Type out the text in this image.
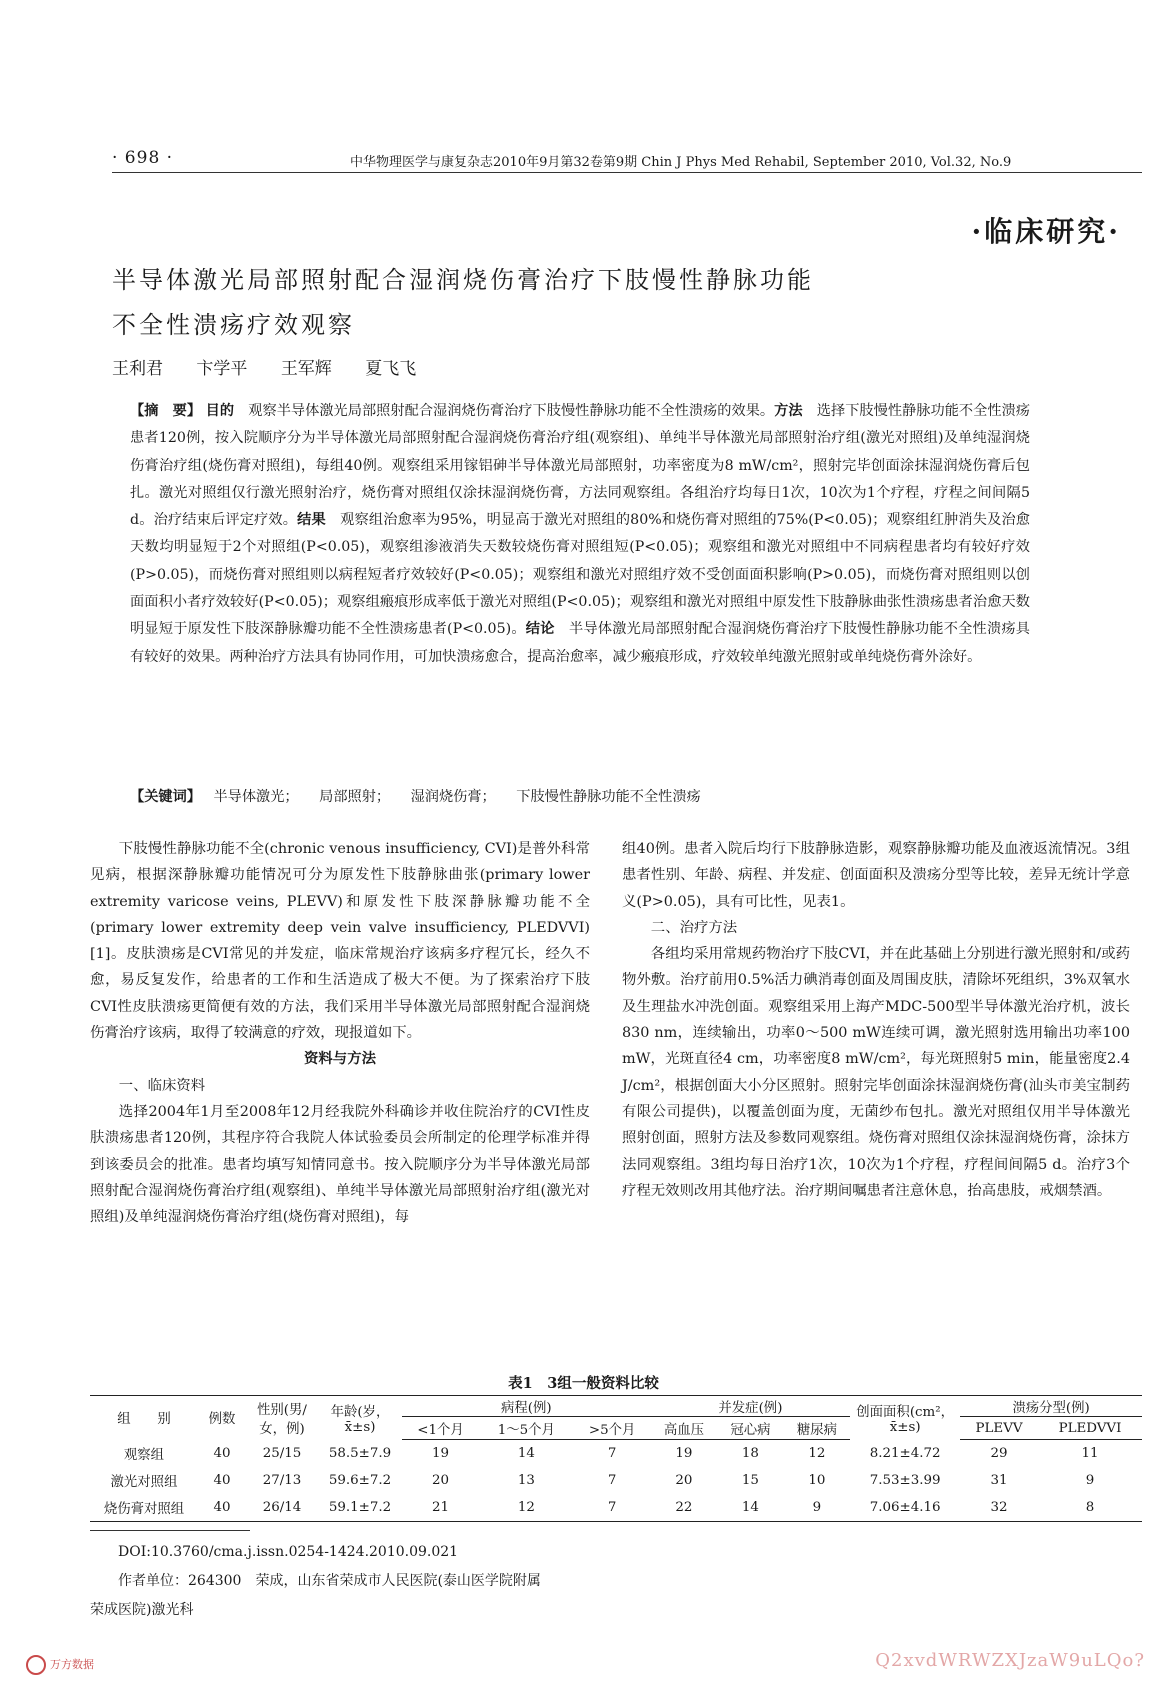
· 698 ·	中华物理医学与康复杂志2010年9月第32卷第9期 Chin J Phys Med Rehabil, September 2010, Vol.32, No.9
·临床研究·
半导体激光局部照射配合湿润烧伤膏治疗下肢慢性静脉功能不全性溃疡疗效观察
王利君 卞学平 王军辉 夏飞飞
【摘　要】 目的　 观察半导体激光局部照射配合湿润烧伤膏治疗下肢慢性静脉功能不全性溃疡的效果。方法　 选择下肢慢性静脉功能不全性溃疡患者120例，按入院顺序分为半导体激光局部照射配合湿润烧伤膏治疗组(观察组)、单纯半导体激光局部照射治疗组(激光对照组)及单纯湿润烧伤膏治疗组(烧伤膏对照组)，每组40例。观察组采用镓铝砷半导体激光局部照射，功率密度为8 mW/cm²，照射完毕创面涂抹湿润烧伤膏后包扎。激光对照组仅行激光照射治疗，烧伤膏对照组仅涂抹湿润烧伤膏，方法同观察组。各组治疗均每日1次，10次为1个疗程，疗程之间间隔5 d。治疗结束后评定疗效。结果　 观察组治愈率为95%，明显高于激光对照组的80%和烧伤膏对照组的75%(P<0.05)；观察组红肿消失及治愈天数均明显短于2个对照组(P<0.05)，观察组渗液消失天数较烧伤膏对照组短(P<0.05)；观察组和激光对照组中不同病程患者均有较好疗效(P>0.05)，而烧伤膏对照组则以病程短者疗效较好(P<0.05)；观察组和激光对照组疗效不受创面面积影响(P>0.05)，而烧伤膏对照组则以创面面积小者疗效较好(P<0.05)；观察组瘢痕形成率低于激光对照组(P<0.05)；观察组和激光对照组中原发性下肢静脉曲张性溃疡患者治愈天数明显短于原发性下肢深静脉瓣功能不全性溃疡患者(P<0.05)。结论　 半导体激光局部照射配合湿润烧伤膏治疗下肢慢性静脉功能不全性溃疡具有较好的效果。两种治疗方法具有协同作用，可加快溃疡愈合，提高治愈率，减少瘢痕形成，疗效较单纯激光照射或单纯烧伤膏外涂好。
【关键词】 半导体激光； 局部照射； 湿润烧伤膏； 下肢慢性静脉功能不全性溃疡

下肢慢性静脉功能不全(chronic venous insufficiency, CVI)是普外科常见病，根据深静脉瓣功能情况可分为原发性下肢静脉曲张(primary lower extremity varicose veins, PLEVV)和原发性下肢深静脉瓣功能不全(primary lower extremity deep vein valve insufficiency, PLEDVVI)[1]。皮肤溃疡是CVI常见的并发症，临床常规治疗该病多疗程冗长，经久不愈，易反复发作，给患者的工作和生活造成了极大不便。为了探索治疗下肢CVI性皮肤溃疡更简便有效的方法，我们采用半导体激光局部照射配合湿润烧伤膏治疗该病，取得了较满意的疗效，现报道如下。

资料与方法

一、临床资料

选择2004年1月至2008年12月经我院外科确诊并收住院治疗的CVI性皮肤溃疡患者120例，其程序符合我院人体试验委员会所制定的伦理学标准并得到该委员会的批准。患者均填写知情同意书。按入院顺序分为半导体激光局部照射配合湿润烧伤膏治疗组(观察组)、单纯半导体激光局部照射治疗组(激光对照组)及单纯湿润烧伤膏治疗组(烧伤膏对照组)，每

组40例。患者入院后均行下肢静脉造影，观察静脉瓣功能及血液返流情况。3组患者性别、年龄、病程、并发症、创面面积及溃疡分型等比较，差异无统计学意义(P>0.05)，具有可比性，见表1。

二、治疗方法

各组均采用常规药物治疗下肢CVI，并在此基础上分别进行激光照射和/或药物外敷。治疗前用0.5%活力碘消毒创面及周围皮肤，清除坏死组织，3%双氧水及生理盐水冲洗创面。观察组采用上海产MDC-500型半导体激光治疗机，波长830 nm，连续输出，功率0～500 mW连续可调，激光照射选用输出功率100 mW，光斑直径4 cm，功率密度8 mW/cm²，每光斑照射5 min，能量密度2.4 J/cm²，根据创面大小分区照射。照射完毕创面涂抹湿润烧伤膏(汕头市美宝制药有限公司提供)，以覆盖创面为度，无菌纱布包扎。激光对照组仅用半导体激光照射创面，照射方法及参数同观察组。烧伤膏对照组仅涂抹湿润烧伤膏，涂抹方法同观察组。3组均每日治疗1次，10次为1个疗程，疗程间间隔5 d。治疗3个疗程无效则改用其他疗法。治疗期间嘱患者注意休息，抬高患肢，戒烟禁酒。

表1　3组一般资料比较
组　　别	例数	性别(男/女，例)	年龄(岁，x̄±s)	病程(例)			并发症(例)			创面面积(cm²，x̄±s)	溃疡分型(例)	
				<1个月	1～5个月	>5个月	高血压	冠心病	糖尿病		PLEVV	PLEDVVI
观察组	40	25/15	58.5±7.9	19	14	7	19	18	12	8.21±4.72	29	11
激光对照组	40	27/13	59.6±7.2	20	13	7	20	15	10	7.53±3.99	31	9
烧伤膏对照组	40	26/14	59.1±7.2	21	12	7	22	14	9	7.06±4.16	32	8
DOI:10.3760/cma.j.issn.0254-1424.2010.09.021
作者单位：264300　荣成，山东省荣成市人民医院(泰山医学院附属
荣成医院)激光科
万方数据	Q2xvdWRWZXJzaW9uLQo?
